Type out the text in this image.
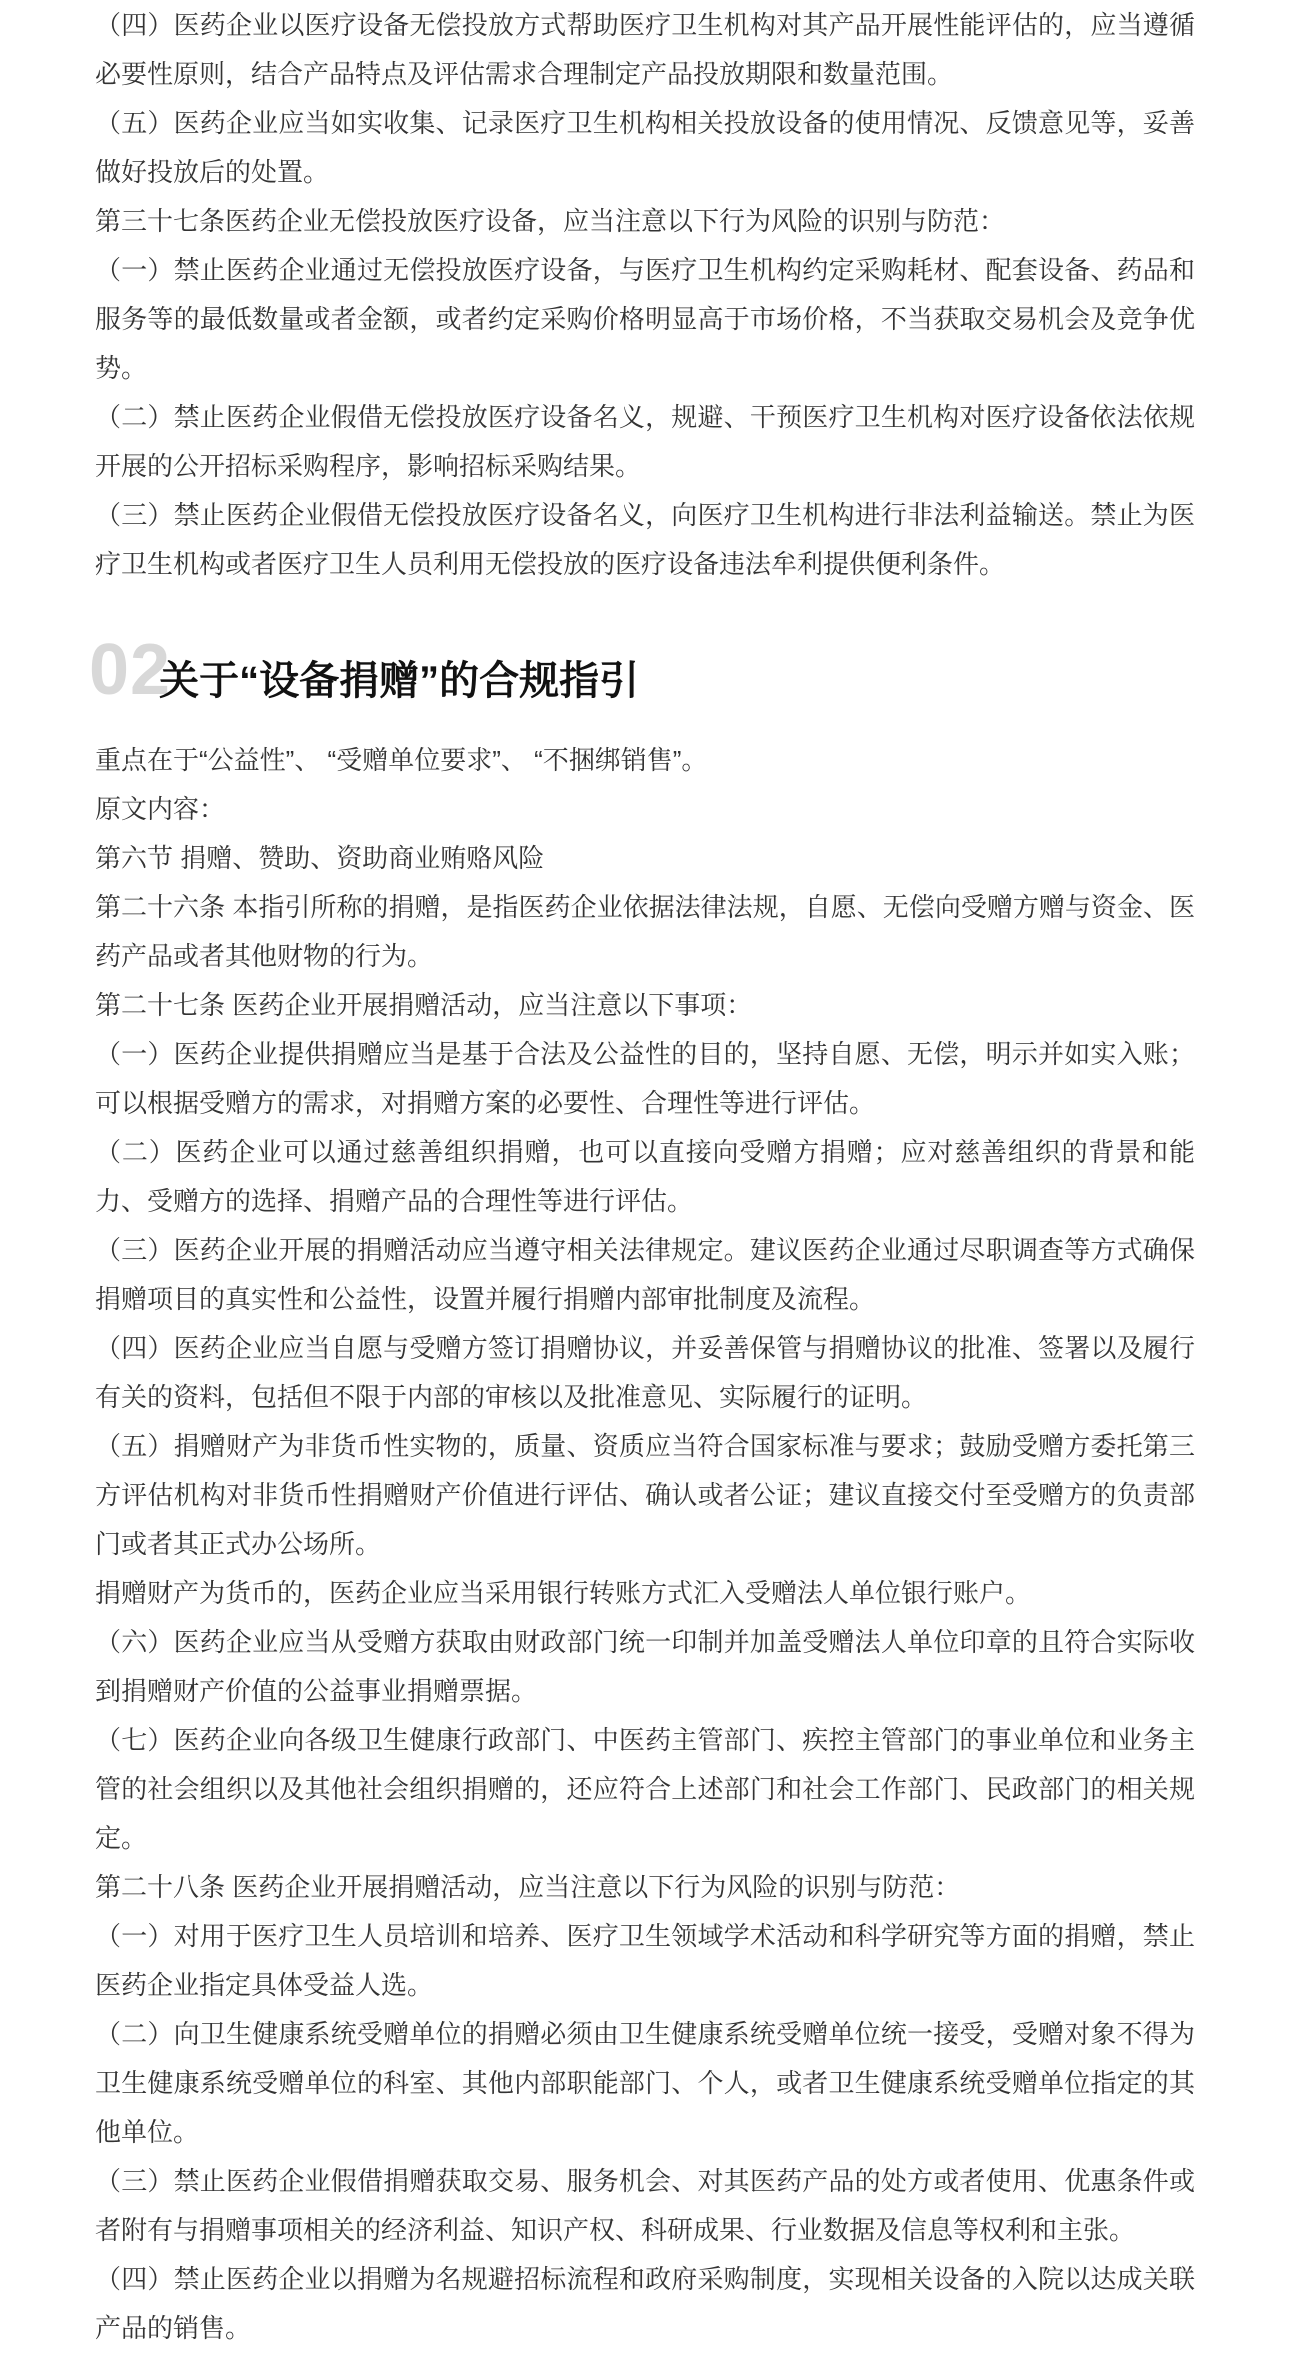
（四）医药企业以医疗设备无偿投放方式帮助医疗卫生机构对其产品开展性能评估的，应当遵循必要性原则，结合产品特点及评估需求合理制定产品投放期限和数量范围。

（五）医药企业应当如实收集、记录医疗卫生机构相关投放设备的使用情况、反馈意见等，妥善做好投放后的处置。

第三十七条医药企业无偿投放医疗设备，应当注意以下行为风险的识别与防范：

（一）禁止医药企业通过无偿投放医疗设备，与医疗卫生机构约定采购耗材、配套设备、药品和服务等的最低数量或者金额，或者约定采购价格明显高于市场价格，不当获取交易机会及竞争优势。

（二）禁止医药企业假借无偿投放医疗设备名义，规避、干预医疗卫生机构对医疗设备依法依规开展的公开招标采购程序，影响招标采购结果。

（三）禁止医药企业假借无偿投放医疗设备名义，向医疗卫生机构进行非法利益输送。禁止为医疗卫生机构或者医疗卫生人员利用无偿投放的医疗设备违法牟利提供便利条件。

02
关于“设备捐赠”的合规指引

重点在于“公益性”、 “受赠单位要求”、 “不捆绑销售”。

原文内容：

第六节 捐赠、赞助、资助商业贿赂风险

第二十六条 本指引所称的捐赠，是指医药企业依据法律法规，自愿、无偿向受赠方赠与资金、医药产品或者其他财物的行为。

第二十七条 医药企业开展捐赠活动，应当注意以下事项：

（一）医药企业提供捐赠应当是基于合法及公益性的目的，坚持自愿、无偿，明示并如实入账；可以根据受赠方的需求，对捐赠方案的必要性、合理性等进行评估。

（二）医药企业可以通过慈善组织捐赠，也可以直接向受赠方捐赠；应对慈善组织的背景和能力、受赠方的选择、捐赠产品的合理性等进行评估。

（三）医药企业开展的捐赠活动应当遵守相关法律规定。建议医药企业通过尽职调查等方式确保捐赠项目的真实性和公益性，设置并履行捐赠内部审批制度及流程。

（四）医药企业应当自愿与受赠方签订捐赠协议，并妥善保管与捐赠协议的批准、签署以及履行有关的资料，包括但不限于内部的审核以及批准意见、实际履行的证明。

（五）捐赠财产为非货币性实物的，质量、资质应当符合国家标准与要求；鼓励受赠方委托第三方评估机构对非货币性捐赠财产价值进行评估、确认或者公证；建议直接交付至受赠方的负责部门或者其正式办公场所。

捐赠财产为货币的，医药企业应当采用银行转账方式汇入受赠法人单位银行账户。

（六）医药企业应当从受赠方获取由财政部门统一印制并加盖受赠法人单位印章的且符合实际收到捐赠财产价值的公益事业捐赠票据。

（七）医药企业向各级卫生健康行政部门、中医药主管部门、疾控主管部门的事业单位和业务主管的社会组织以及其他社会组织捐赠的，还应符合上述部门和社会工作部门、民政部门的相关规定。

第二十八条 医药企业开展捐赠活动，应当注意以下行为风险的识别与防范：

（一）对用于医疗卫生人员培训和培养、医疗卫生领域学术活动和科学研究等方面的捐赠，禁止医药企业指定具体受益人选。

（二）向卫生健康系统受赠单位的捐赠必须由卫生健康系统受赠单位统一接受，受赠对象不得为卫生健康系统受赠单位的科室、其他内部职能部门、个人，或者卫生健康系统受赠单位指定的其他单位。

（三）禁止医药企业假借捐赠获取交易、服务机会、对其医药产品的处方或者使用、优惠条件或者附有与捐赠事项相关的经济利益、知识产权、科研成果、行业数据及信息等权利和主张。

（四）禁止医药企业以捐赠为名规避招标流程和政府采购制度，实现相关设备的入院以达成关联产品的销售。
